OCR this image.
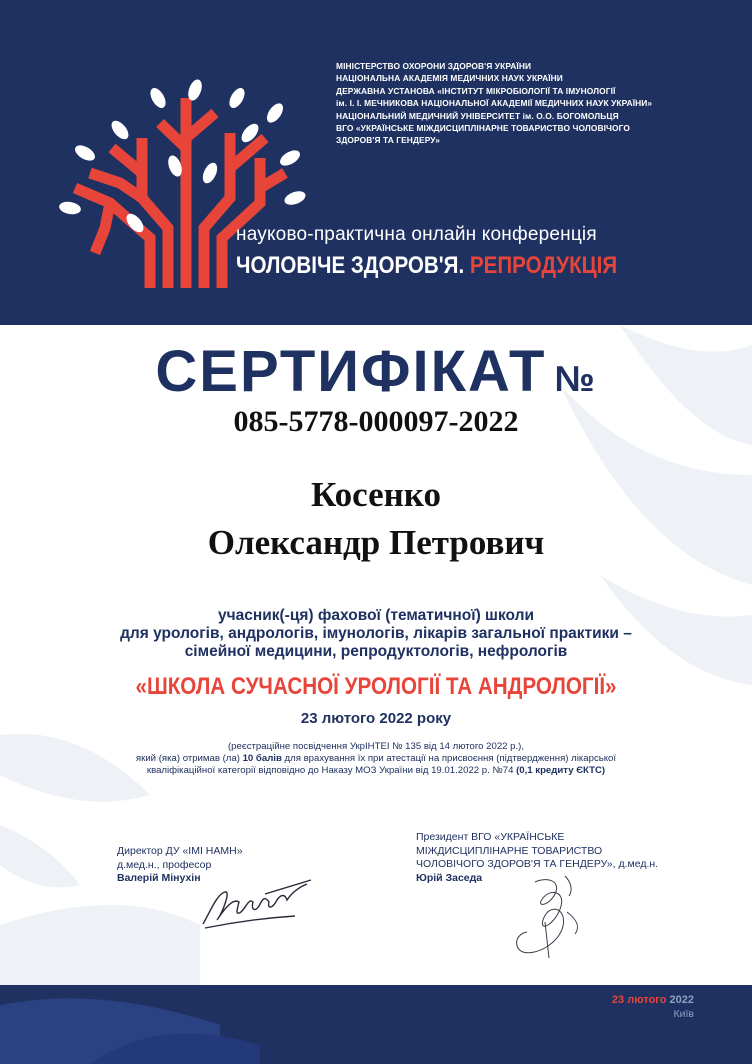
МІНІСТЕРСТВО ОХОРОНИ ЗДОРОВ'Я УКРАЇНИ
НАЦІОНАЛЬНА АКАДЕМІЯ МЕДИЧНИХ НАУК УКРАЇНИ
ДЕРЖАВНА УСТАНОВА «ІНСТИТУТ МІКРОБІОЛОГІЇ ТА ІМУНОЛОГІЇ
ім. І. І. МЕЧНИКОВА НАЦІОНАЛЬНОЇ АКАДЕМІЇ МЕДИЧНИХ НАУК УКРАЇНИ»
НАЦІОНАЛЬНИЙ МЕДИЧНИЙ УНІВЕРСИТЕТ ім. О.О. БОГОМОЛЬЦЯ
ВГО «УКРАЇНСЬКЕ МІЖДИСЦИПЛІНАРНЕ ТОВАРИСТВО ЧОЛОВІЧОГО
ЗДОРОВ'Я ТА ГЕНДЕРУ»
науково-практична онлайн конференція
ЧОЛОВІЧЕ ЗДОРОВ'Я. РЕПРОДУКЦІЯ
СЕРТИФІКАТ №
085-5778-000097-2022
Косенко
Олександр Петрович
учасник(-ця) фахової (тематичної) школи
для урологів, андрологів, імунологів, лікарів загальної практики –
сімейної медицини, репродуктологів, нефрологів
«ШКОЛА СУЧАСНОЇ УРОЛОГІЇ ТА АНДРОЛОГІЇ»
23 лютого 2022 року
(реєстраційне посвідчення УкрІНТЕІ № 135 від 14 лютого 2022 р.),
який (яка) отримав (ла) 10 балів для врахування їх при атестації на присвоєння (підтвердження) лікарської
кваліфікаційної категорії відповідно до Наказу МОЗ України від 19.01.2022 р. №74 (0,1 кредиту ЄКТС)
Директор ДУ «ІМІ НАМН»
д.мед.н., професор
Валерій Мінухін
Президент ВГО «УКРАЇНСЬКЕ
МІЖДИСЦИПЛІНАРНЕ ТОВАРИСТВО
ЧОЛОВІЧОГО ЗДОРОВ'Я ТА ГЕНДЕРУ», д.мед.н.
Юрій Заседа
23 лютого 2022
Київ
